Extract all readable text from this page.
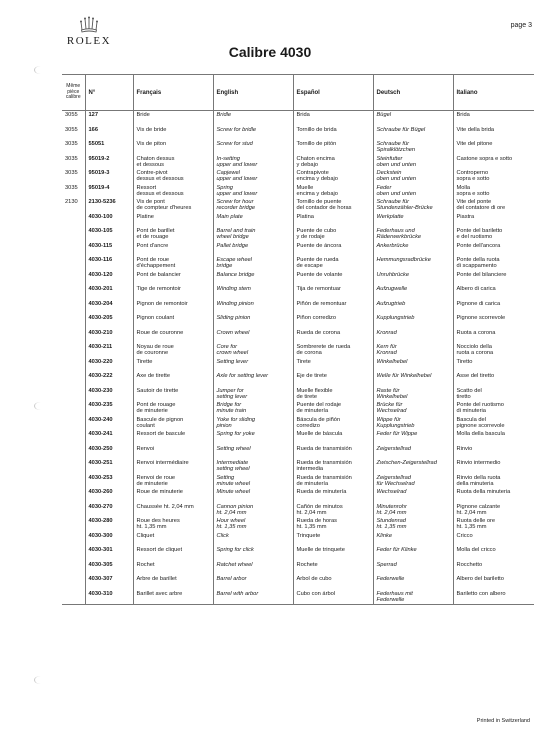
ROLEX
page 3
Calibre 4030
Même pièce calibre	N°	Français	English	Español	Deutsch	Italiano
3055	127	Bride	Bridle	Brida	Bügel	Brida
3055	166	Vis de bride	Screw for bridle	Tornillo de brida	Schraube für Bügel	Vite della brida
3035	55051	Vis de piton	Screw for stud	Tornillo de pitón	Schraube für
Spiralklötzchen	Vite del pitone
3035	95019-2	Chaton dessus
et dessous	In-setting
upper and lower	Chaton encima
y debajo	Steinfutter
oben und unten	Castone sopra e sotto
3035	95019-3	Contre-pivot
dessus et dessous	Capjewel
upper and lower	Contrapivote
encima y debajo	Deckstein
oben und unten	Contropernо
sopra e sotto
3035	95019-4	Ressort
dessus et dessous	Spring
upper and lower	Muelle
encima y debajo	Feder
oben und unten	Molla
sopra e sotto
2130	2130-5236	Vis de pont
de compteur d'heures	Screw for hour
recorder bridge	Tornillo de puente
del contador de horas	Schraube für
Stundenzähler-Brücke	Vite del ponte
del contatore di ore
	4030-100	Platine	Main plate	Platina	Werkplatte	Piastra
	4030-105	Pont de barillet
et de rouage	Barrel and train
wheel bridge	Puente de cubo
y de rodaje	Federhaus und
Räderwerkbrücke	Ponte del bariletto
e del ruotismo
	4030-115	Pont d'ancre	Pallet bridge	Puente de áncora	Ankerbrücke	Ponte dell'ancora
	4030-116	Pont de roue
d'échappement	Escape wheel
bridge	Puente de rueda
de escape	Hemmungsradbrücke	Ponte della ruota
di scappamento
	4030-120	Pont de balancier	Balance bridge	Puente de volante	Unruhbrücke	Ponte del bilanciere
	4030-201	Tige de remontoir	Winding stem	Tija de remontuar	Aufzugwelle	Albero di carica
	4030-204	Pignon de remontoir	Winding pinion	Piñón de remontuar	Aufzugtrieb	Pignone di carica
	4030-205	Pignon coulant	Sliding pinion	Piñon corredizo	Kupplungstrieb	Pignone scorrevole
	4030-210	Roue de couronne	Crown wheel	Rueda de corona	Kronrad	Ruota a corona
	4030-211	Noyau de roue
de couronne	Core for
crown wheel	Sombrerete de rueda
de corona	Kern für
Kronrad	Nocciolo della
ruota a corona
	4030-220	Tirette	Setting lever	Tirete	Winkelhebel	Tiretto
	4030-222	Axe de tirette	Axle for setting lever	Eje de tirete	Welle für Winkelhebel	Asse del tiretto
	4030-230	Sautoir de tirette	Jumper for
setting lever	Muelle flexible
de tirete	Raste für
Winkelhebel	Scatto del
tiretto
	4030-235	Pont de rouage
de minuterie	Bridge for
minute train	Puente del rodaje
de minutería	Brücke für
Wechselrad	Ponte del ruotismo
di minuteria
	4030-240	Bascule de pignon
coulant	Yoke for sliding
pinion	Báscula de piñón
corredizo	Wippe für
Kupplungstrieb	Bascula del
pignone scorrevole
	4030-241	Ressort de bascule	Spring for yoke	Muelle de báscula	Feder für Wippe	Molla della bascula
	4030-250	Renvoi	Setting wheel	Rueda de transmisión	Zeigerstellrad	Rinvio
	4030-251	Renvoi intermédiaire	Intermediate
setting wheel	Rueda de transmisión
intermedia	Zwischen-Zeigerstellrad	Rinvio intermedio
	4030-253	Renvoi de roue
de minuterie	Setting
minute wheel	Rueda de transmisión
de minutería	Zeigerstellrad
für Wechselrad	Rinvio della ruota
della minuteria
	4030-260	Roue de minuterie	Minute wheel	Rueda de minutería	Wechselrad	Ruota della minuteria
	4030-270	Chaussée ht. 2,04 mm	Cannon pinion
ht. 2,04 mm	Cañón de minutos
ht. 2,04 mm	Minutenrohr
ht. 2,04 mm	Pignone calzante
ht. 2,04 mm
	4030-280	Roue des heures
ht. 1,35 mm	Hour wheel
ht. 1,35 mm	Rueda de horas
ht. 1,35 mm	Stundenrad
ht. 1,35 mm	Ruota delle ore
ht. 1,35 mm
	4030-300	Cliquet	Click	Trinquete	Klinke	Cricco
	4030-301	Ressort de cliquet	Spring for click	Muelle de trinquete	Feder für Klinke	Molla del cricco
	4030-305	Rochet	Ratchet wheel	Rochete	Sperrad	Rocchetto
	4030-307	Arbre de barillet	Barrel arbor	Arbol de cubo	Federwelle	Albero del bariletto
	4030-310	Barillet avec arbre	Barrel with arbor	Cubo con árbol	Federhaus mit
Federwelle	Bariletto con albero
Printed in Switzerland
